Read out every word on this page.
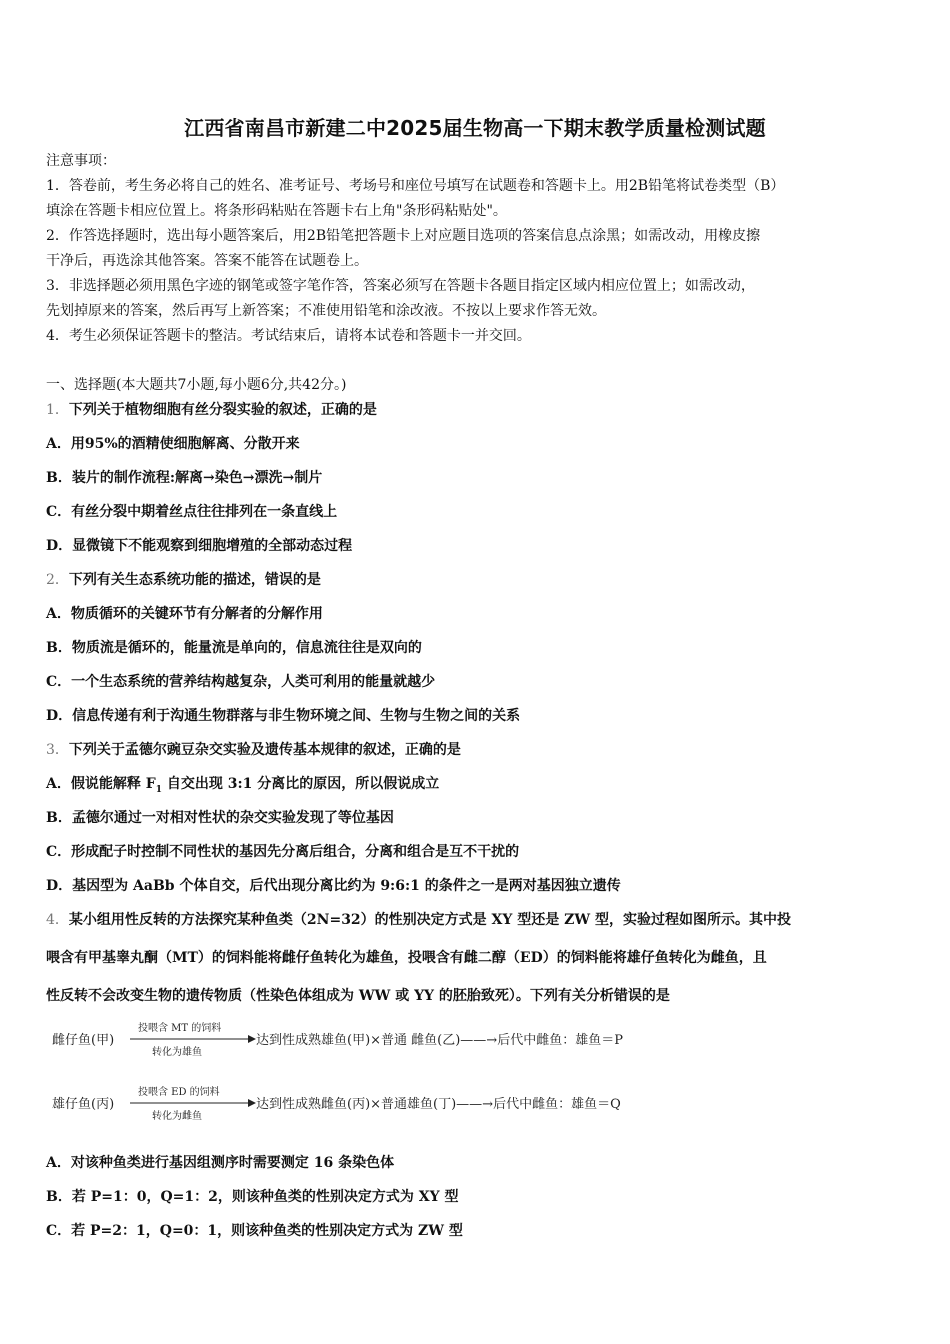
江西省南昌市新建二中2025届生物高一下期末教学质量检测试题
注意事项：
1．答卷前，考生务必将自己的姓名、准考证号、考场号和座位号填写在试题卷和答题卡上。用2B铅笔将试卷类型（B）
填涂在答题卡相应位置上。将条形码粘贴在答题卡右上角"条形码粘贴处"。
2．作答选择题时，选出每小题答案后，用2B铅笔把答题卡上对应题目选项的答案信息点涂黑；如需改动，用橡皮擦
干净后，再选涂其他答案。答案不能答在试题卷上。
3．非选择题必须用黑色字迹的钢笔或签字笔作答，答案必须写在答题卡各题目指定区域内相应位置上；如需改动，
先划掉原来的答案，然后再写上新答案；不准使用铅笔和涂改液。不按以上要求作答无效。
4．考生必须保证答题卡的整洁。考试结束后，请将本试卷和答题卡一并交回。
一、选择题(本大题共7小题,每小题6分,共42分。)
1．下列关于植物细胞有丝分裂实验的叙述，正确的是
A．用95%的酒精使细胞解离、分散开来
B．装片的制作流程:解离→染色→漂洗→制片
C．有丝分裂中期着丝点往往排列在一条直线上
D．显微镜下不能观察到细胞增殖的全部动态过程
2．下列有关生态系统功能的描述，错误的是
A．物质循环的关键环节有分解者的分解作用
B．物质流是循环的，能量流是单向的，信息流往往是双向的
C．一个生态系统的营养结构越复杂，人类可利用的能量就越少
D．信息传递有利于沟通生物群落与非生物环境之间、生物与生物之间的关系
3．下列关于孟德尔豌豆杂交实验及遗传基本规律的叙述，正确的是
A．假说能解释 $F_1$ 自交出现 3:1 分离比的原因，所以假说成立
B．孟德尔通过一对相对性状的杂交实验发现了等位基因
C．形成配子时控制不同性状的基因先分离后组合，分离和组合是互不干扰的
D．基因型为 AaBb 个体自交，后代出现分离比约为 9:6:1 的条件之一是两对基因独立遗传
4．某小组用性反转的方法探究某种鱼类（2N=32）的性别决定方式是 XY 型还是 ZW 型，实验过程如图所示。其中投
喂含有甲基睾丸酮（MT）的饲料能将雌仔鱼转化为雄鱼，投喂含有雌二醇（ED）的饲料能将雄仔鱼转化为雌鱼，且
性反转不会改变生物的遗传物质（性染色体组成为 WW 或 YY 的胚胎致死）。下列有关分析错误的是
雌仔鱼(甲)
投喂含 MT 的饲料
转化为雄鱼
达到性成熟雄鱼(甲)×普通 雌鱼(乙)——→后代中雌鱼：雄鱼＝P
雄仔鱼(丙)
投喂含 ED 的饲料
转化为雌鱼
达到性成熟雌鱼(丙)×普通雄鱼(丁)——→后代中雌鱼：雄鱼＝Q
A．对该种鱼类进行基因组测序时需要测定 16 条染色体
B．若 P=1：0，Q=1：2，则该种鱼类的性别决定方式为 XY 型
C．若 P=2：1，Q=0：1，则该种鱼类的性别决定方式为 ZW 型
